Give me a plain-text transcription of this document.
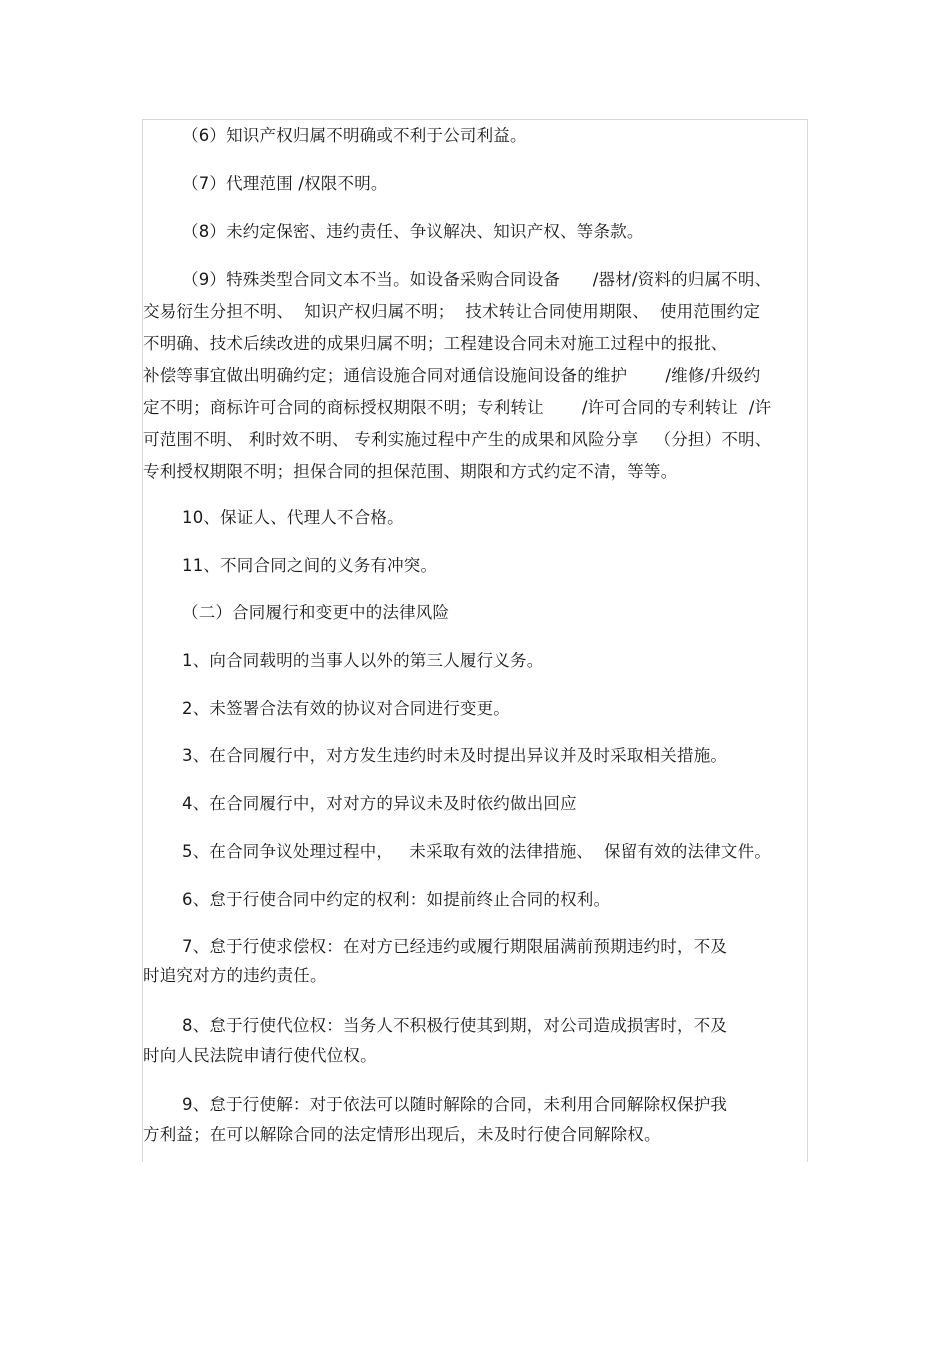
（6）知识产权归属不明确或不利于公司利益。
（7）代理范围 /权限不明。
（8）未约定保密、违约责任、争议解决、知识产权、等条款。
（9）特殊类型合同文本不当。如设备采购合同设备      /器材/资料的归属不明、
交易衍生分担不明、  知识产权归属不明；  技术转让合同使用期限、  使用范围约定
不明确、技术后续改进的成果归属不明；工程建设合同未对施工过程中的报批、
补偿等事宜做出明确约定；通信设施合同对通信设施间设备的维护       /维修/升级约
定不明；商标许可合同的商标授权期限不明；专利转让       /许可合同的专利转让  /许
可范围不明、 利时效不明、 专利实施过程中产生的成果和风险分享   （分担）不明、
专利授权期限不明；担保合同的担保范围、期限和方式约定不清，等等。
10、保证人、代理人不合格。
11、不同合同之间的义务有冲突。
（二）合同履行和变更中的法律风险
1、向合同载明的当事人以外的第三人履行义务。
2、未签署合法有效的协议对合同进行变更。
3、在合同履行中，对方发生违约时未及时提出异议并及时采取相关措施。
4、在合同履行中，对对方的异议未及时依约做出回应
5、在合同争议处理过程中，   未采取有效的法律措施、  保留有效的法律文件。
6、怠于行使合同中约定的权利：如提前终止合同的权利。
7、怠于行使求偿权：在对方已经违约或履行期限届满前预期违约时，不及
时追究对方的违约责任。
8、怠于行使代位权：当务人不积极行使其到期，对公司造成损害时，不及
时向人民法院申请行使代位权。
9、怠于行使解：对于依法可以随时解除的合同，未利用合同解除权保护我
方利益；在可以解除合同的法定情形出现后，未及时行使合同解除权。
